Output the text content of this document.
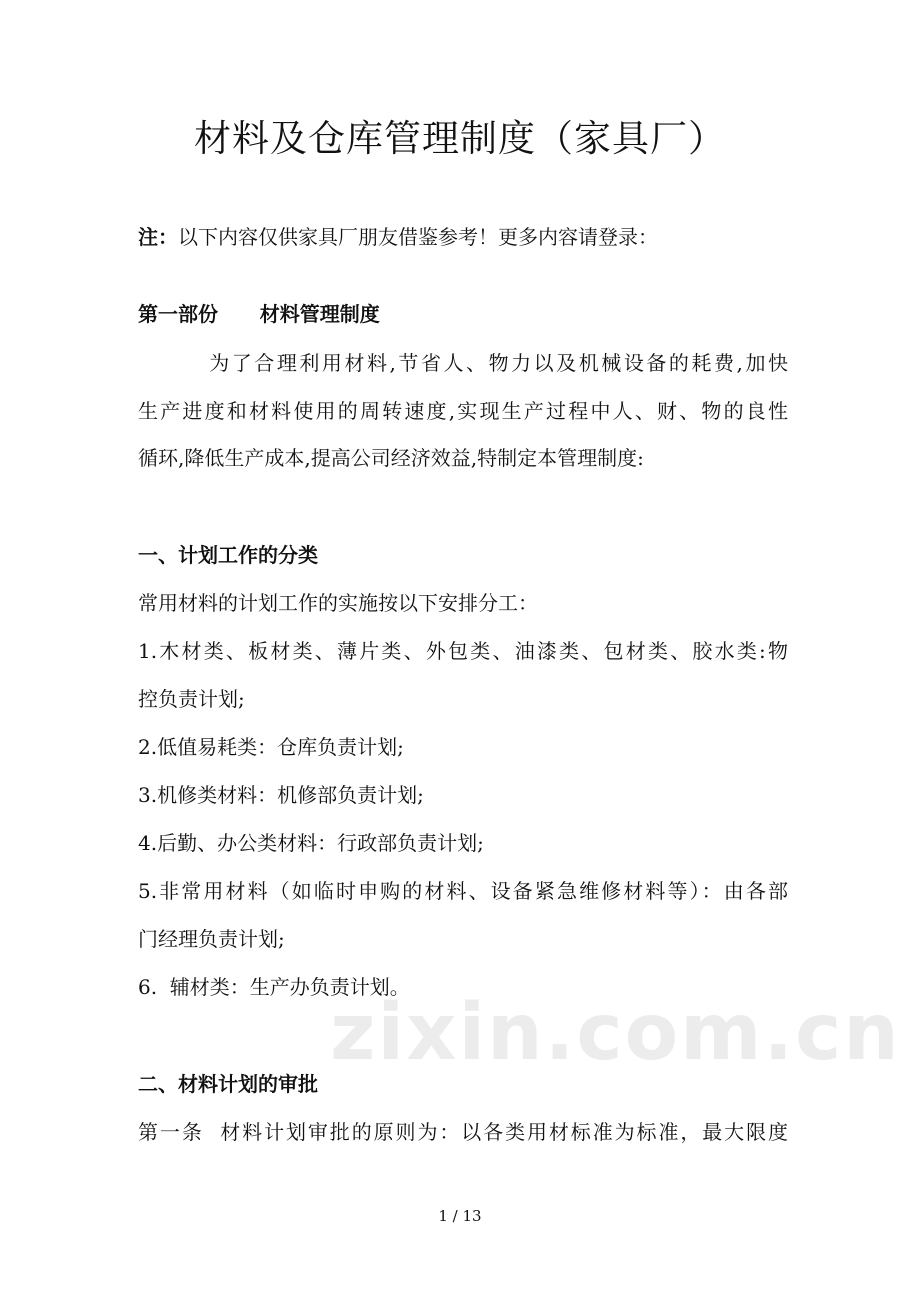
材料及仓库管理制度（家具厂）
注：以下内容仅供家具厂朋友借鉴参考！更多内容请登录：
第一部份      材料管理制度
为了合理利用材料,节省人、物力以及机械设备的耗费,加快
生产进度和材料使用的周转速度,实现生产过程中人、财、物的良性
循环,降低生产成本,提高公司经济效益,特制定本管理制度:
一、计划工作的分类
常用材料的计划工作的实施按以下安排分工：
1.木材类、板材类、薄片类、外包类、油漆类、包材类、胶水类:物
控负责计划;
2.低值易耗类：仓库负责计划;
3.机修类材料：机修部负责计划;
4.后勤、办公类材料：行政部负责计划;
5.非常用材料（如临时申购的材料、设备紧急维修材料等）：由各部
门经理负责计划;
6.  辅材类：生产办负责计划。
zixin.com.cn
二、材料计划的审批
第一条  材料计划审批的原则为：以各类用材标准为标准，最大限度
1 / 13
